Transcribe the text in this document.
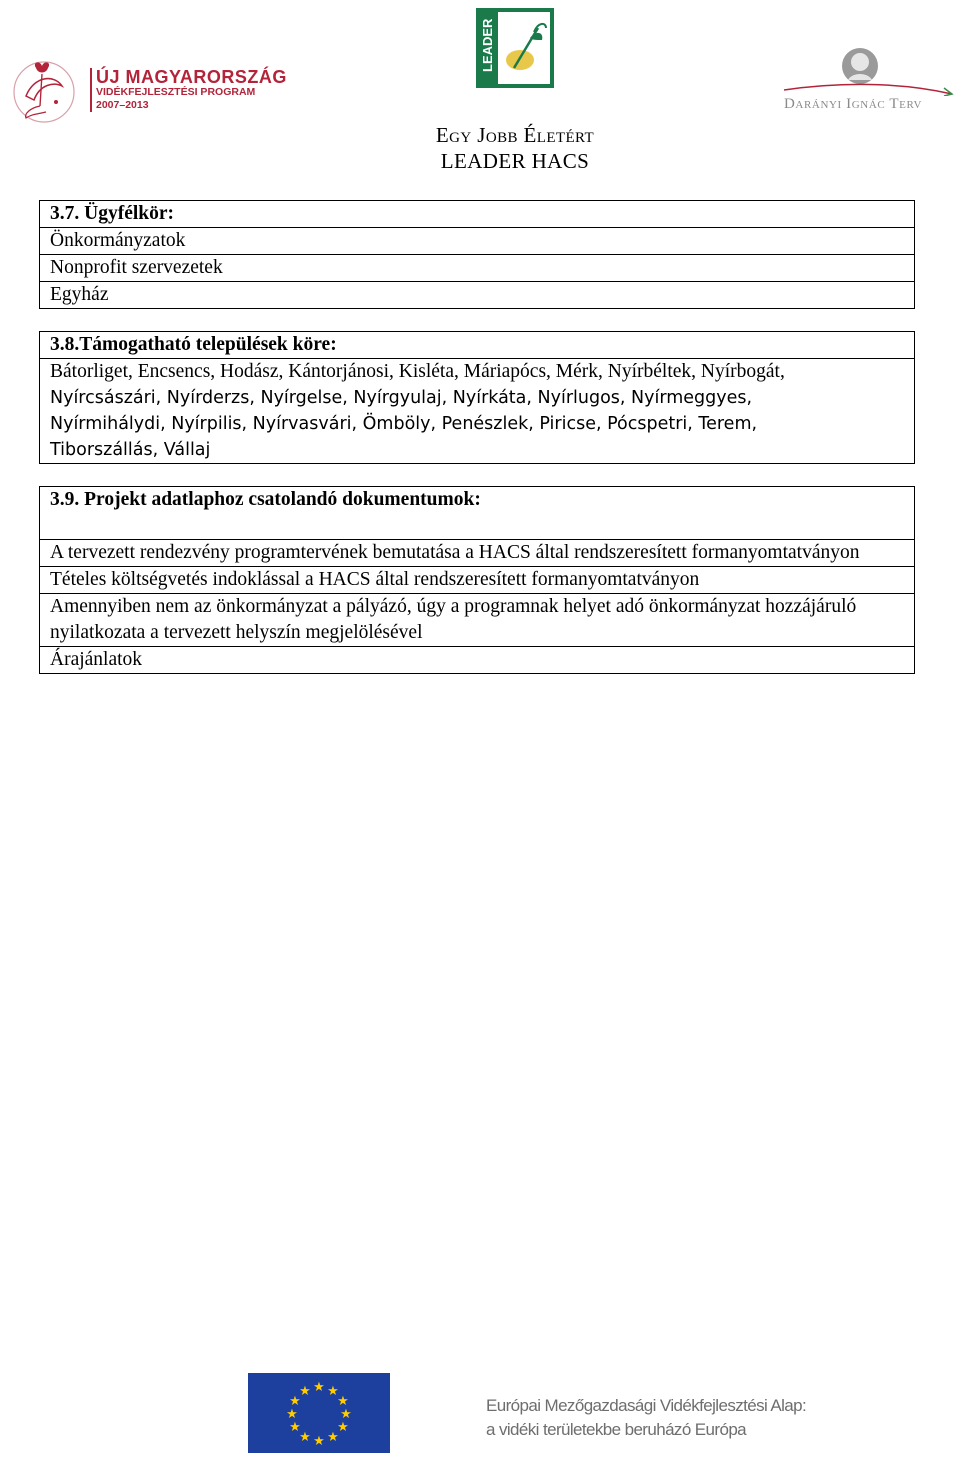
ÚJ MAGYARORSZÁG
VIDÉKFEJLESZTÉSI PROGRAM
2007–2013
LEADER
Darányi Ignác Terv
Egy Jobb Életért
LEADER HACS
3.7. Ügyfélkör:
Önkormányzatok
Nonprofit szervezetek
Egyház
3.8.Támogatható települések köre:
Bátorliget, Encsencs, Hodász, Kántorjánosi, Kisléta, Máriapócs, Mérk, Nyírbéltek, Nyírbogát,
Nyírcsászári, Nyírderzs, Nyírgelse, Nyírgyulaj, Nyírkáta, Nyírlugos, Nyírmeggyes,
Nyírmihálydi, Nyírpilis, Nyírvasvári, Ömböly, Penészlek, Piricse, Pócspetri, Terem,
Tiborszállás, Vállaj
3.9. Projekt adatlaphoz csatolandó dokumentumok:
A tervezett rendezvény programtervének bemutatása a HACS által rendszeresített formanyomtatványon
Tételes költségvetés indoklással a HACS által rendszeresített formanyomtatványon
Amennyiben nem az önkormányzat a pályázó, úgy a programnak helyet adó önkormányzat hozzájáruló nyilatkozata a tervezett helyszín megjelölésével
Árajánlatok
★ ★
★
★
★
★
★
★
★
★
★
★
Európai Mezőgazdasági Vidékfejlesztési Alap:
a vidéki területekbe beruházó Európa
